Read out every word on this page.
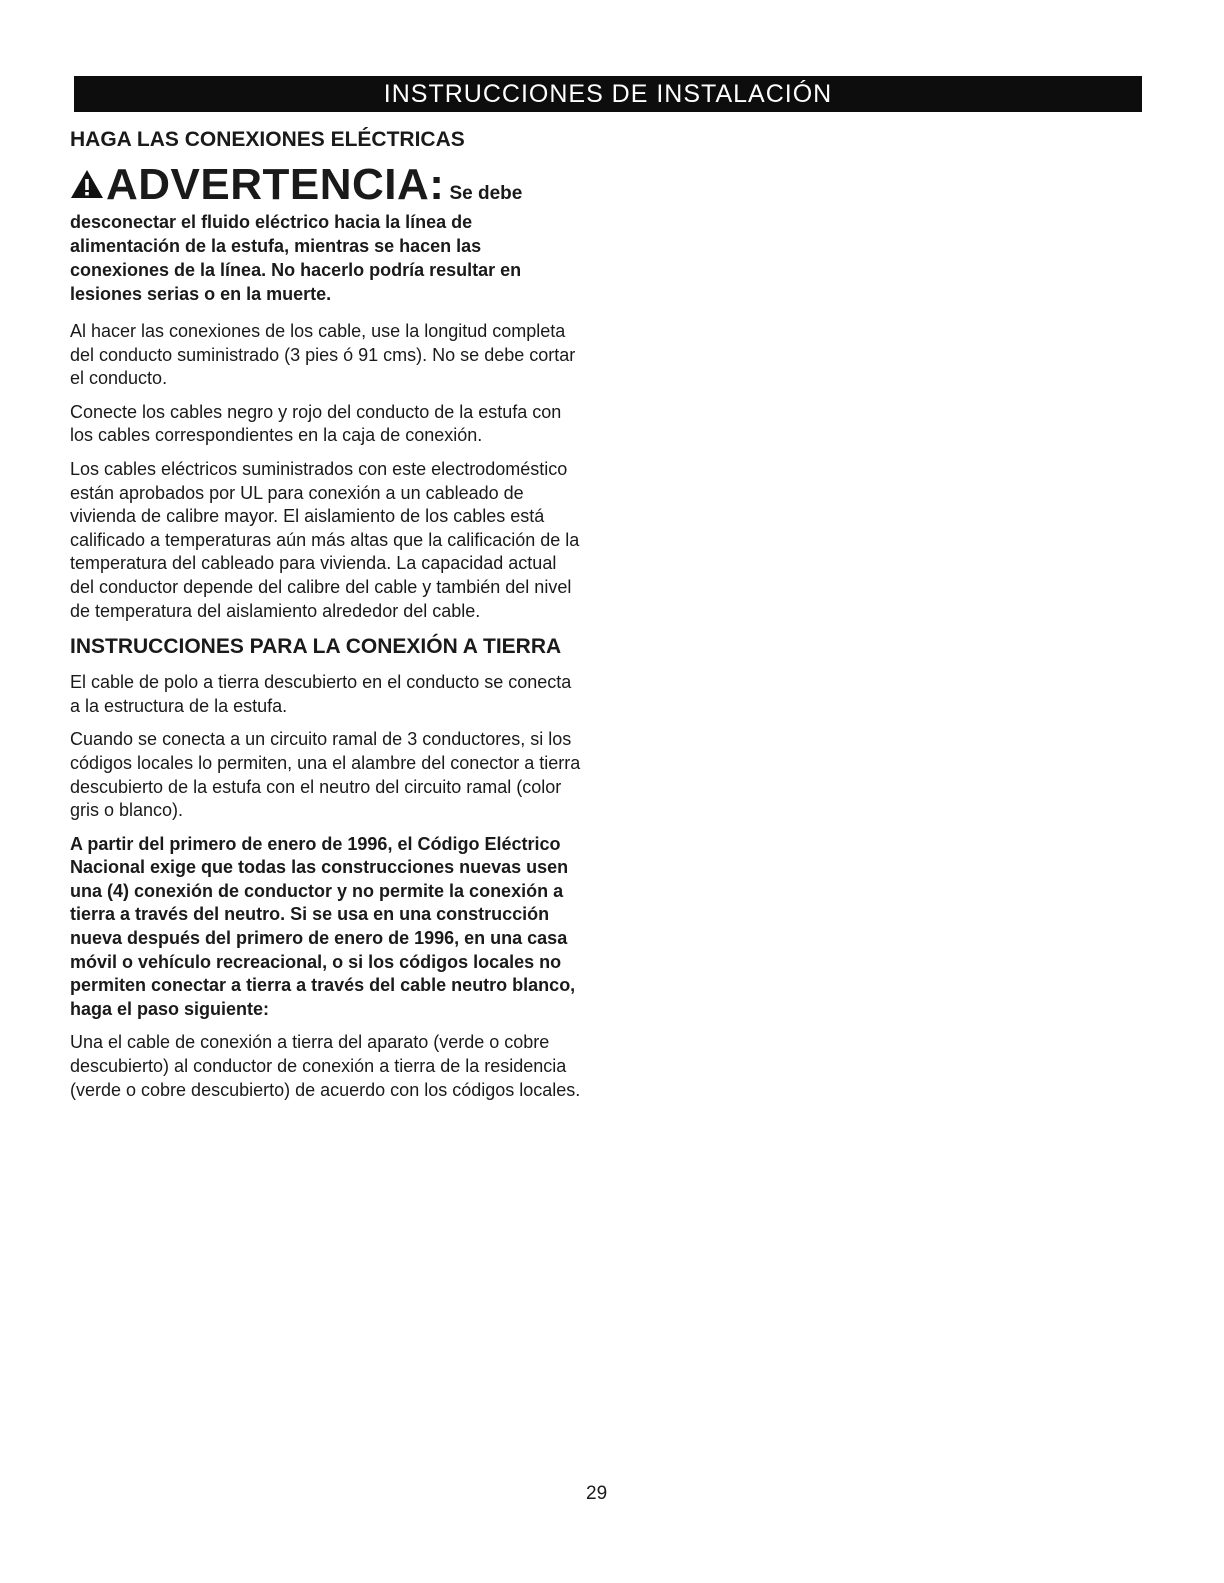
INSTRUCCIONES DE INSTALACIÓN
HAGA LAS CONEXIONES ELÉCTRICAS
ADVERTENCIA: Se debe desconectar el fluido eléctrico hacia la línea de alimentación de la estufa, mientras se hacen las conexiones de la línea. No hacerlo podría resultar en lesiones serias o en la muerte.

Al hacer las conexiones de los cable, use la longitud completa del conducto suministrado (3 pies ó 91 cms). No se debe cortar el conducto.

Conecte los cables negro y rojo del conducto de la estufa con los cables correspondientes en la caja de conexión.

Los cables eléctricos suministrados con este electrodoméstico están aprobados por UL para conexión a un cableado de vivienda de calibre mayor. El aislamiento de los cables está calificado a temperaturas aún más altas que la calificación de la temperatura del cableado para vivienda. La capacidad actual del conductor depende del calibre del cable y también del nivel de temperatura del aislamiento alrededor del cable.

INSTRUCCIONES PARA LA CONEXIÓN A TIERRA

El cable de polo a tierra descubierto en el conducto se conecta a la estructura de la estufa.

Cuando se conecta a un circuito ramal de 3 conductores, si los códigos locales lo permiten, una el alambre del conector a tierra descubierto de la estufa con el neutro del circuito ramal (color gris o blanco).

A partir del primero de enero de 1996, el Código Eléctrico Nacional exige que todas las construcciones nuevas usen una (4) conexión de conductor y no permite la conexión a tierra a través del neutro. Si se usa en una construcción nueva después del primero de enero de 1996, en una casa móvil o vehículo recreacional, o si los códigos locales no permiten conectar a tierra a través del cable neutro blanco, haga el paso siguiente:

Una el cable de conexión a tierra del aparato (verde o cobre descubierto) al conductor de conexión a tierra de la residencia (verde o cobre descubierto) de acuerdo con los códigos locales.

29
